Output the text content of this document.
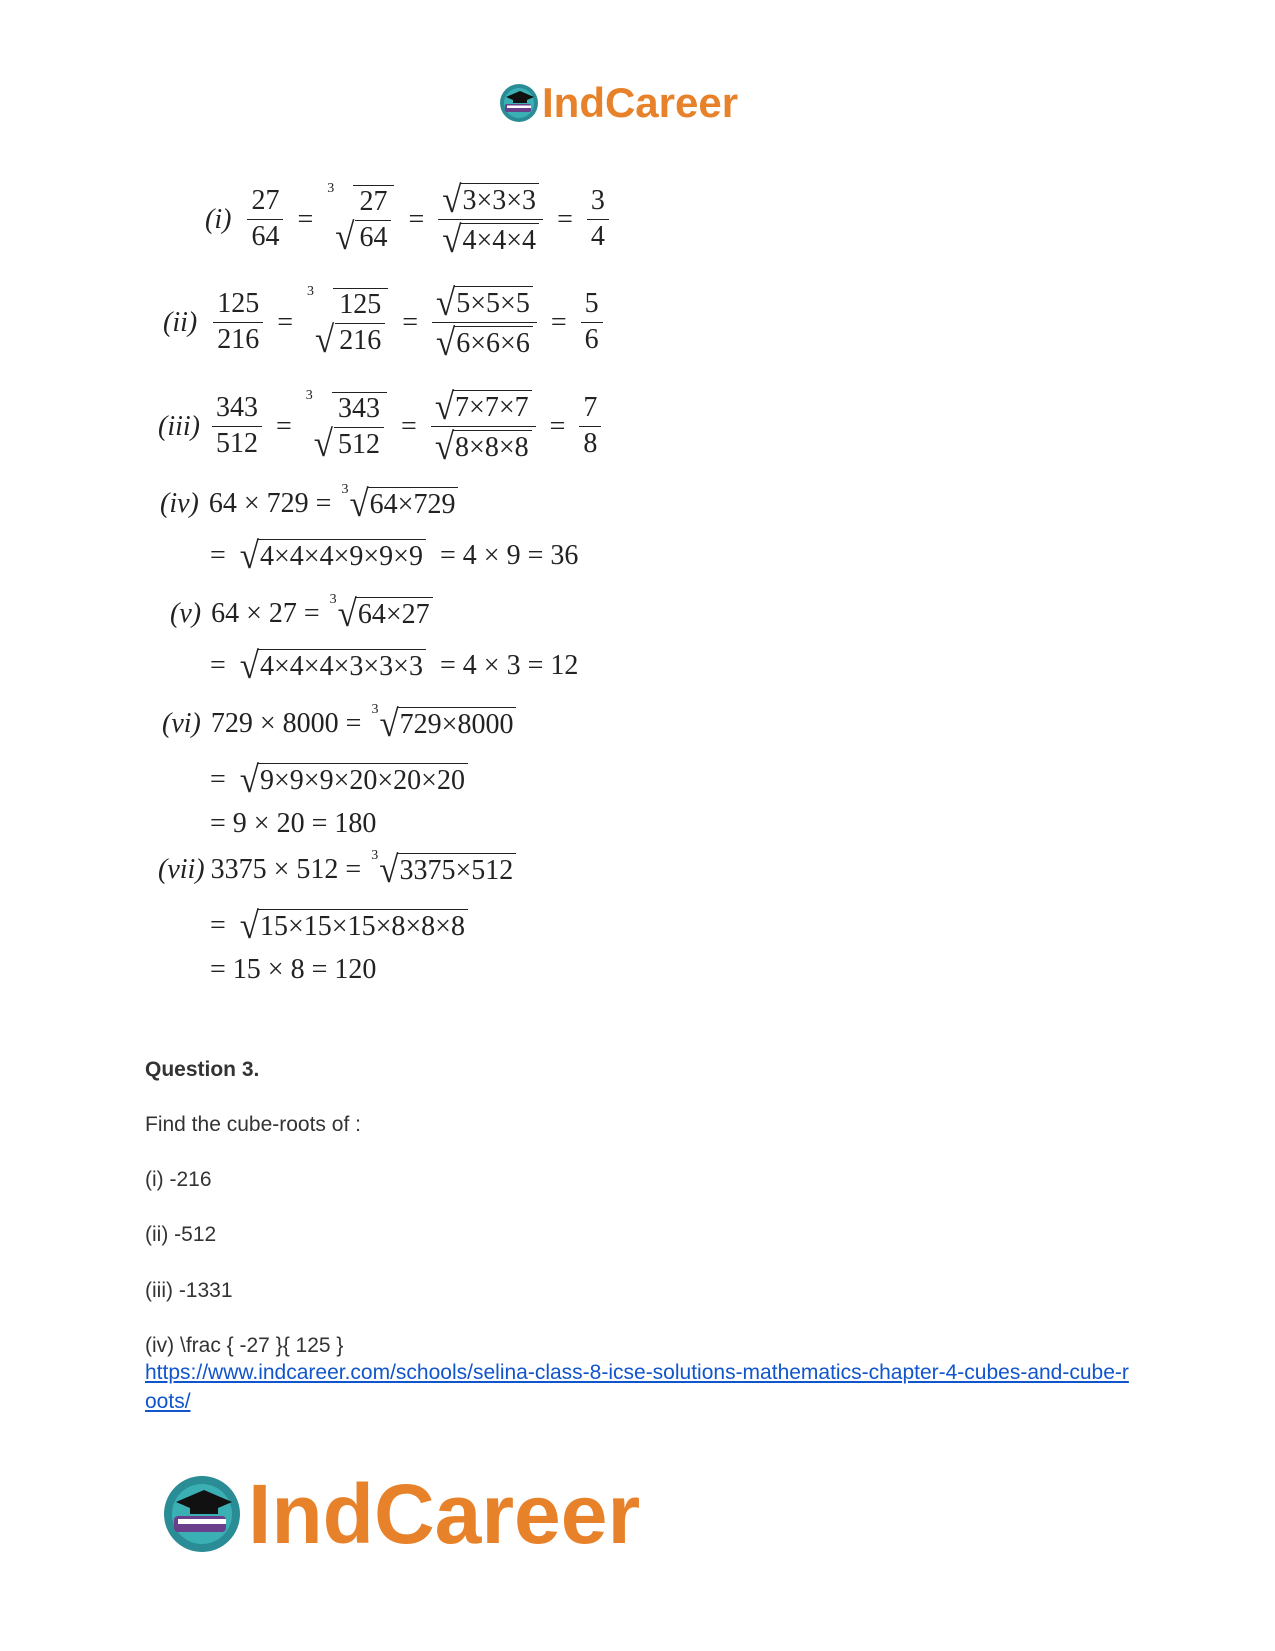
IndCareer
$(i) \frac{27}{64}$ =
3
√ $\frac{27}{64} = \frac{√ 3\times 3\times 3}{√ 4\times 4\times 4} = \frac{3}{4}$
$(ii) \frac{125}{216}$ =
3
√ $\frac{125}{216} = \frac{√ 5\times 5\times 5}{√ 6\times 6\times 6} = \frac{5}{6}$
$(iii) \frac{343}{512}$ =
3
√ $\frac{343}{512} = \frac{√ 7\times 7\times 7}{√ 8\times 8\times 8} = \frac{7}{8}$
(iv) 64 × 729 = 3 √ 64×729
= √ 4×4×4×9×9×9 = 4 × 9 = 36
(v) 64 × 27 = 3 √ 64×27
= √ 4×4×4×3×3×3 = 4 × 3 = 12
(vi) 729 × 8000 = 3 √ 729×8000
= √ 9×9×9×20×20×20
= 9 × 20 = 180
(vii) 3375 × 512 = 3 √ 3375×512
= √ 15×15×15×8×8×8
= 15 × 8 = 120
Question 3.
Find the cube-roots of :
(i) -216
(ii) -512
(iii) -1331
(iv) \frac { -27 }{ 125 }
https://www.indcareer.com/schools/selina-class-8-icse-solutions-mathematics-chapter-4-cubes-and-cube-roots/
IndCareer
